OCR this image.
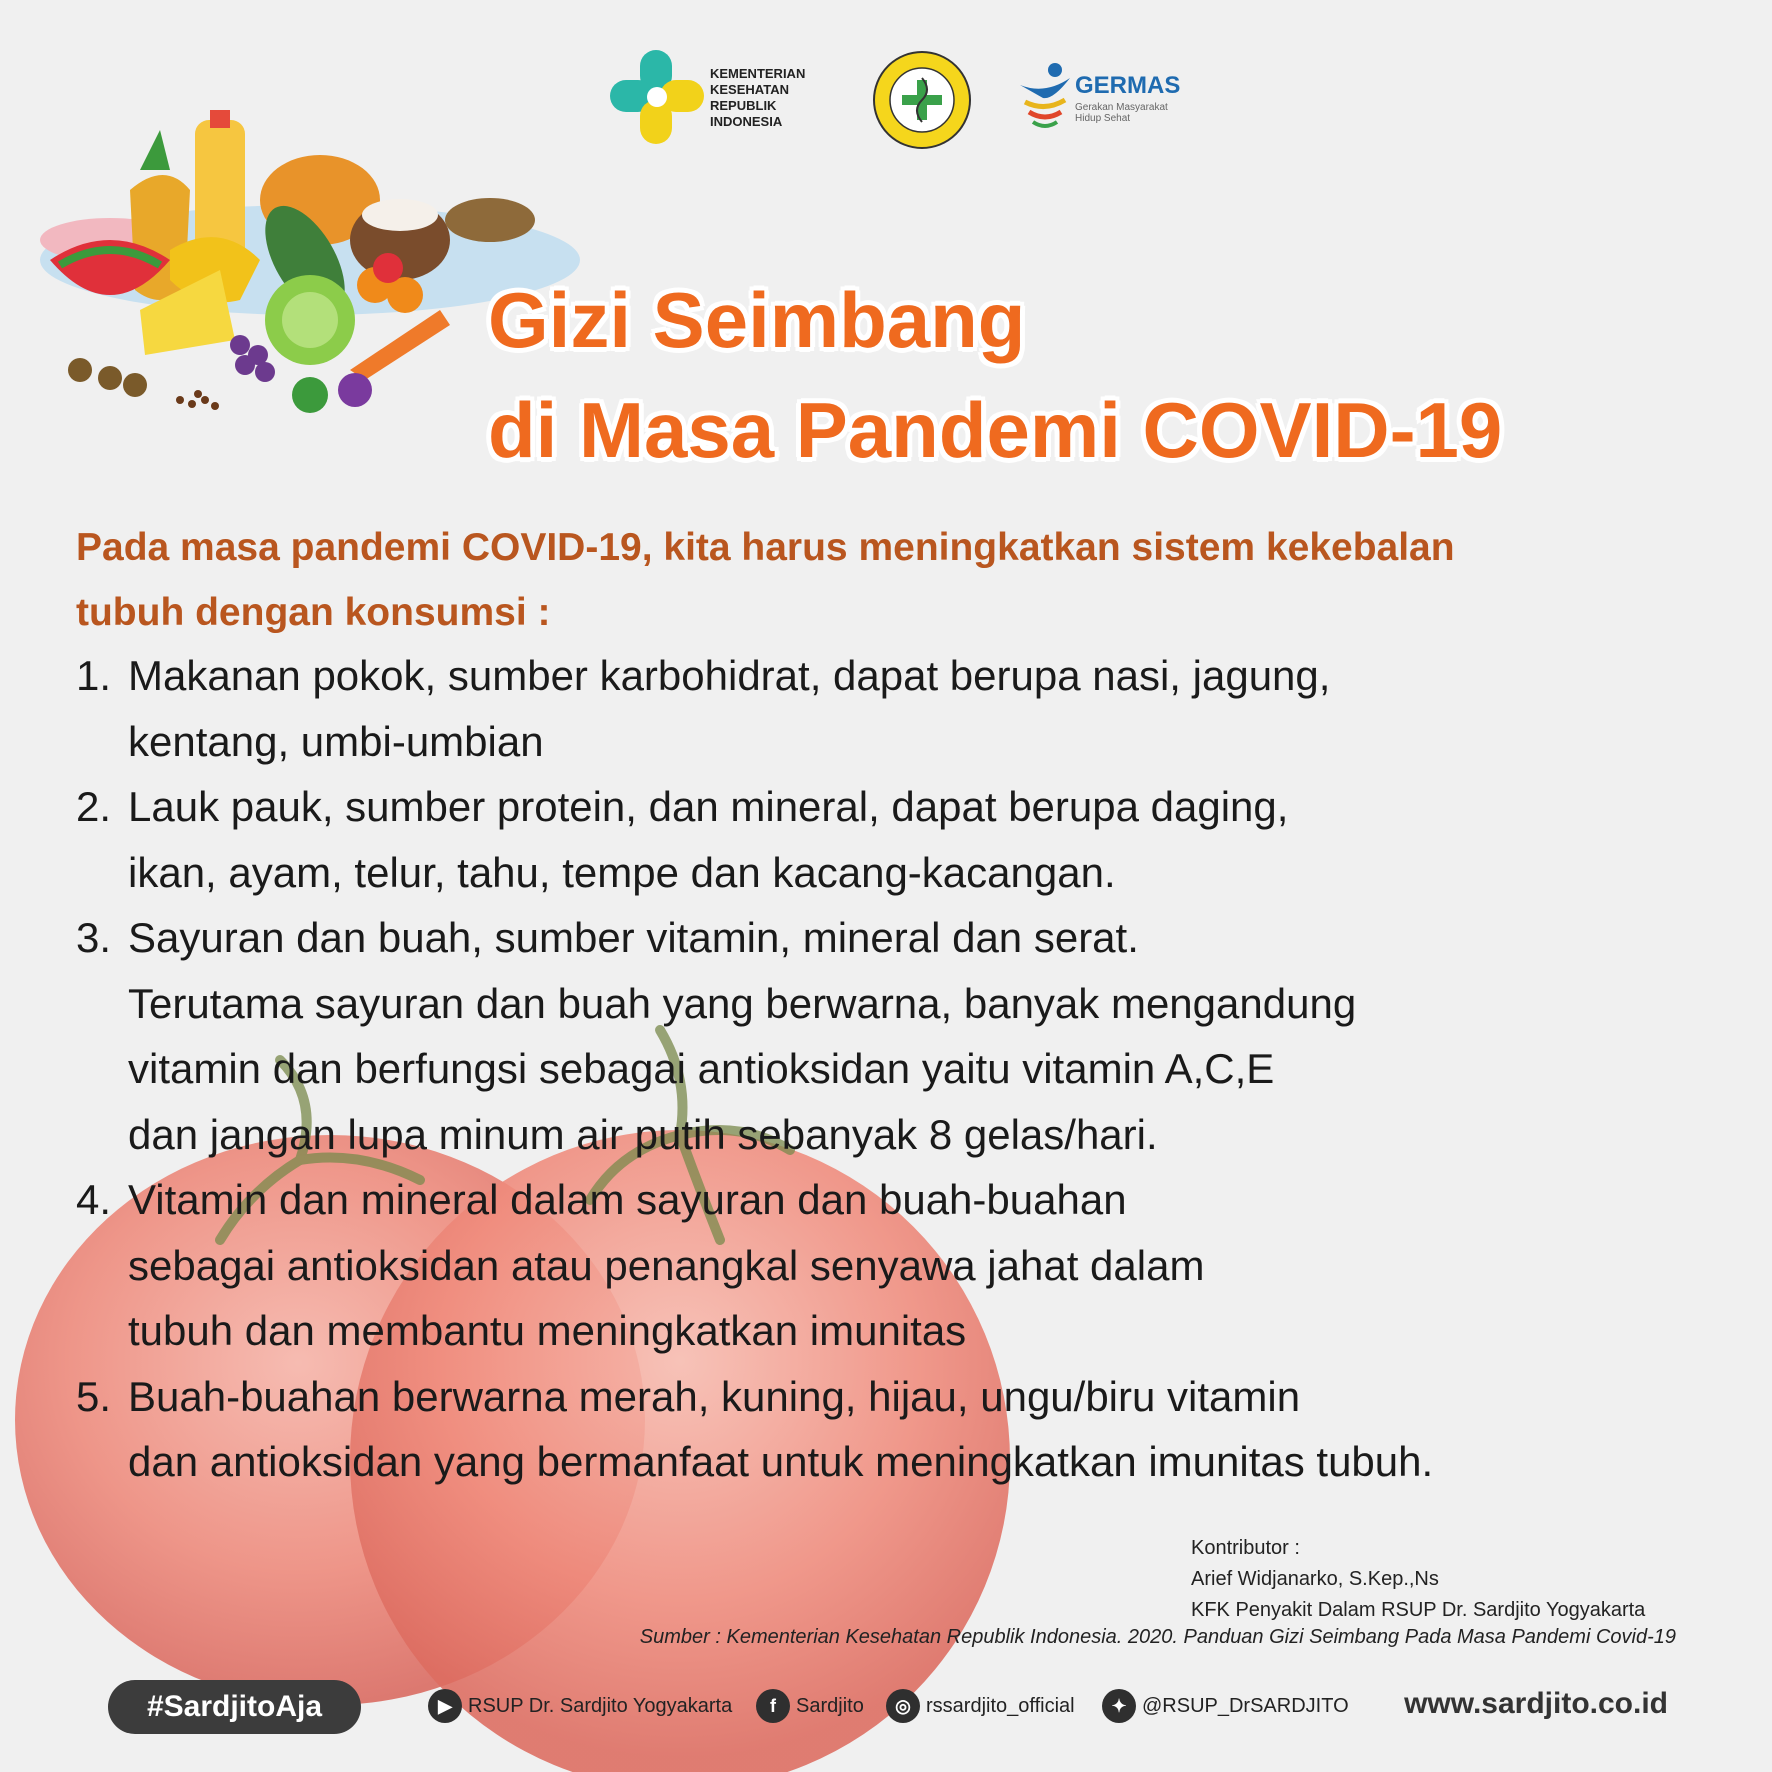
KEMENTERIAN
KESEHATAN
REPUBLIK
INDONESIA
GERMAS
Gerakan Masyarakat
Hidup Sehat
Gizi Seimbang
di Masa Pandemi COVID-19
Pada masa pandemi COVID-19, kita harus meningkatkan sistem kekebalan
tubuh dengan konsumsi :
1. Makanan pokok, sumber karbohidrat, dapat berupa nasi, jagung,
kentang, umbi-umbian
2. Lauk pauk, sumber protein, dan mineral, dapat berupa daging,
ikan, ayam, telur, tahu, tempe dan kacang-kacangan.
3. Sayuran dan buah, sumber vitamin, mineral dan serat.
Terutama sayuran dan buah yang berwarna, banyak mengandung
vitamin dan berfungsi sebagai antioksidan yaitu vitamin A,C,E
dan jangan lupa minum air putih sebanyak 8 gelas/hari.
4. Vitamin dan mineral dalam sayuran dan buah-buahan
sebagai antioksidan atau penangkal senyawa jahat dalam
tubuh dan membantu meningkatkan imunitas
5. Buah-buahan berwarna merah, kuning, hijau, ungu/biru vitamin
dan antioksidan yang bermanfaat untuk meningkatkan imunitas tubuh.
Kontributor :
Arief Widjanarko, S.Kep.,Ns
KFK Penyakit Dalam RSUP Dr. Sardjito Yogyakarta
Sumber : Kementerian Kesehatan Republik Indonesia. 2020. Panduan Gizi Seimbang Pada Masa Pandemi Covid-19
#SardjitoAja	▶ RSUP Dr. Sardjito Yogyakarta	f	Sardjito	◎ rssardjito_official	✦ @RSUP_DrSARDJITO www.sardjito.co.id
